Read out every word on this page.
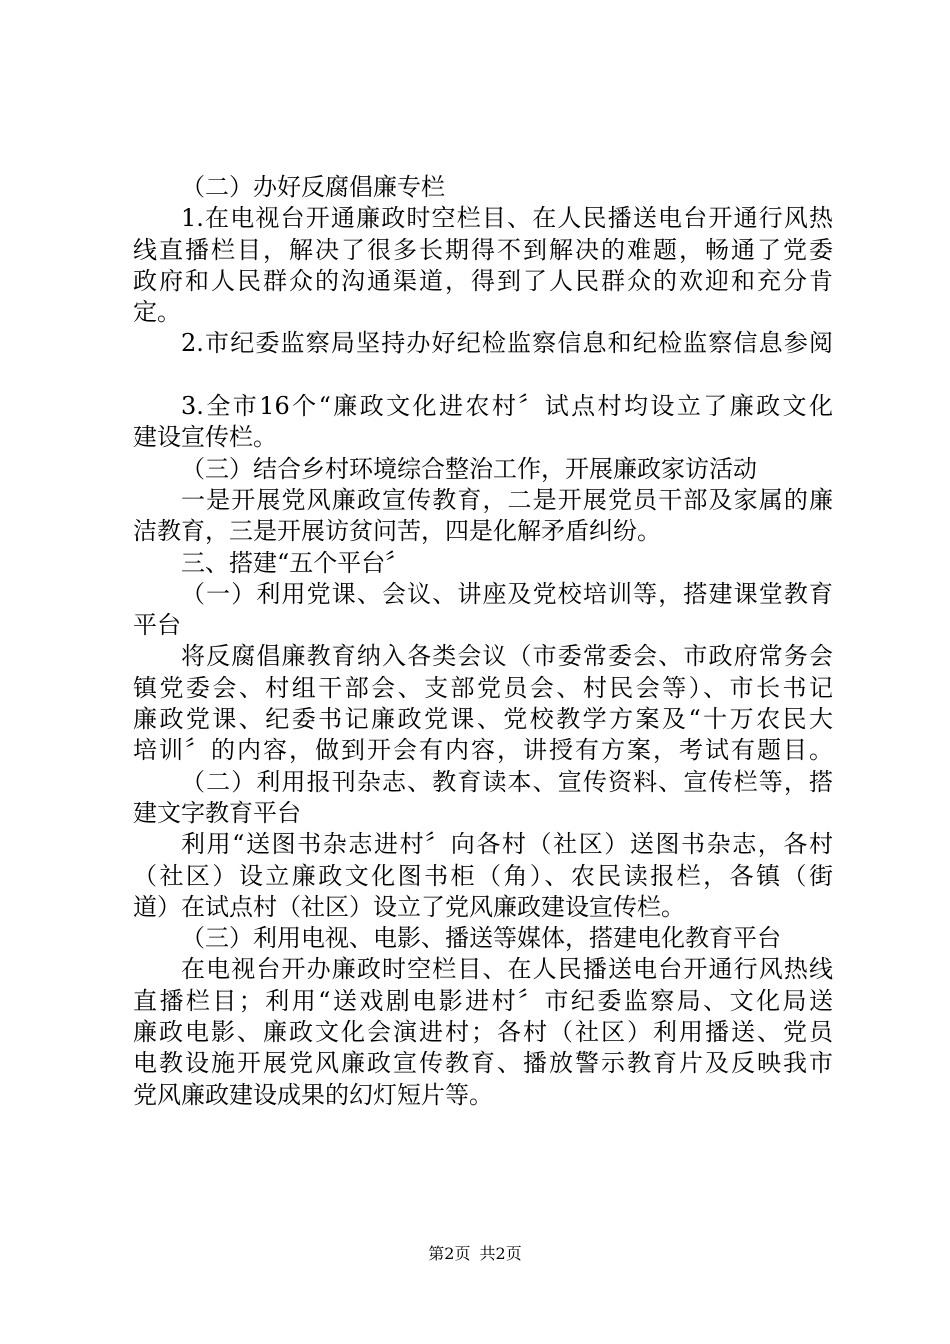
（二）办好反腐倡廉专栏
1.在电视台开通廉政时空栏目、在人民播送电台开通行风热
线直播栏目，解决了很多长期得不到解决的难题，畅通了党委
政府和人民群众的沟通渠道，得到了人民群众的欢迎和充分肯
定。
2.市纪委监察局坚持办好纪检监察信息和纪检监察信息参阅
3.全市16个“廉政文化进农村〞试点村均设立了廉政文化
建设宣传栏。
（三）结合乡村环境综合整治工作，开展廉政家访活动
一是开展党风廉政宣传教育，二是开展党员干部及家属的廉
洁教育，三是开展访贫问苦，四是化解矛盾纠纷。
三、搭建“五个平台〞
（一）利用党课、会议、讲座及党校培训等，搭建课堂教育
平台
将反腐倡廉教育纳入各类会议（市委常委会、市政府常务会
镇党委会、村组干部会、支部党员会、村民会等）、市长书记
廉政党课、纪委书记廉政党课、党校教学方案及“十万农民大
培训〞的内容，做到开会有内容，讲授有方案，考试有题目。
（二）利用报刊杂志、教育读本、宣传资料、宣传栏等，搭
建文字教育平台
利用“送图书杂志进村〞向各村（社区）送图书杂志，各村
（社区）设立廉政文化图书柜（角）、农民读报栏，各镇（街
道）在试点村（社区）设立了党风廉政建设宣传栏。
（三）利用电视、电影、播送等媒体，搭建电化教育平台
在电视台开办廉政时空栏目、在人民播送电台开通行风热线
直播栏目；利用“送戏剧电影进村〞市纪委监察局、文化局送
廉政电影、廉政文化会演进村；各村（社区）利用播送、党员
电教设施开展党风廉政宣传教育、播放警示教育片及反映我市
党风廉政建设成果的幻灯短片等。
第2页 共2页
